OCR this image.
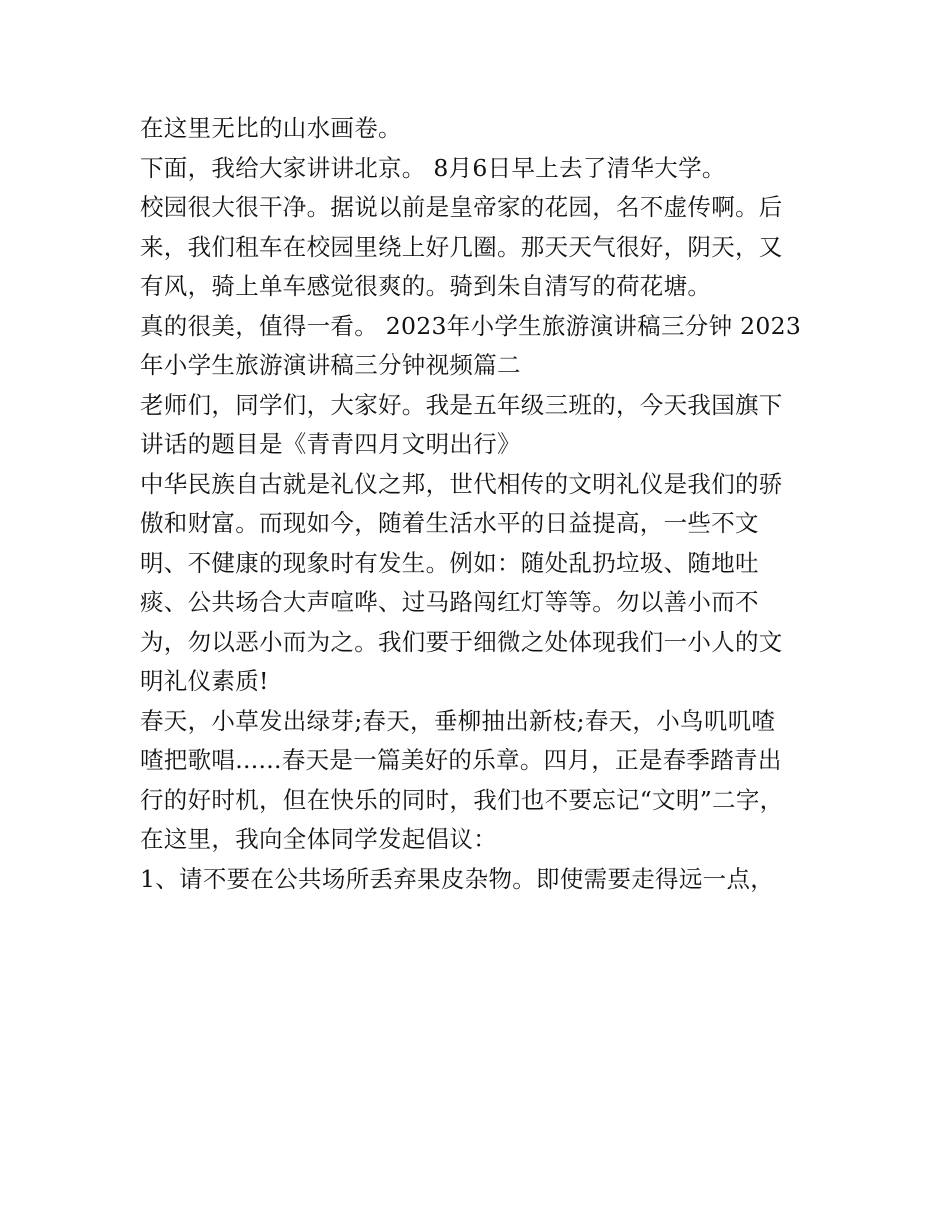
在这里无比的山水画卷。

下面，我给大家讲讲北京。 8月6日早上去了清华大学。

校园很大很干净。据说以前是皇帝家的花园，名不虚传啊。后

来，我们租车在校园里绕上好几圈。那天天气很好，阴天，又

有风，骑上单车感觉很爽的。骑到朱自清写的荷花塘。

真的很美，值得一看。 2023年小学生旅游演讲稿三分钟 2023

年小学生旅游演讲稿三分钟视频篇二

老师们，同学们，大家好。我是五年级三班的，今天我国旗下

讲话的题目是《青青四月文明出行》

中华民族自古就是礼仪之邦，世代相传的文明礼仪是我们的骄

傲和财富。而现如今，随着生活水平的日益提高，一些不文

明、不健康的现象时有发生。例如：随处乱扔垃圾、随地吐

痰、公共场合大声喧哗、过马路闯红灯等等。勿以善小而不

为，勿以恶小而为之。我们要于细微之处体现我们一小人的文

明礼仪素质!

春天，小草发出绿芽;春天，垂柳抽出新枝;春天，小鸟叽叽喳

喳把歌唱......春天是一篇美好的乐章。四月，正是春季踏青出

行的好时机，但在快乐的同时，我们也不要忘记“文明”二字，

在这里，我向全体同学发起倡议：

1、请不要在公共场所丢弃果皮杂物。即使需要走得远一点，
